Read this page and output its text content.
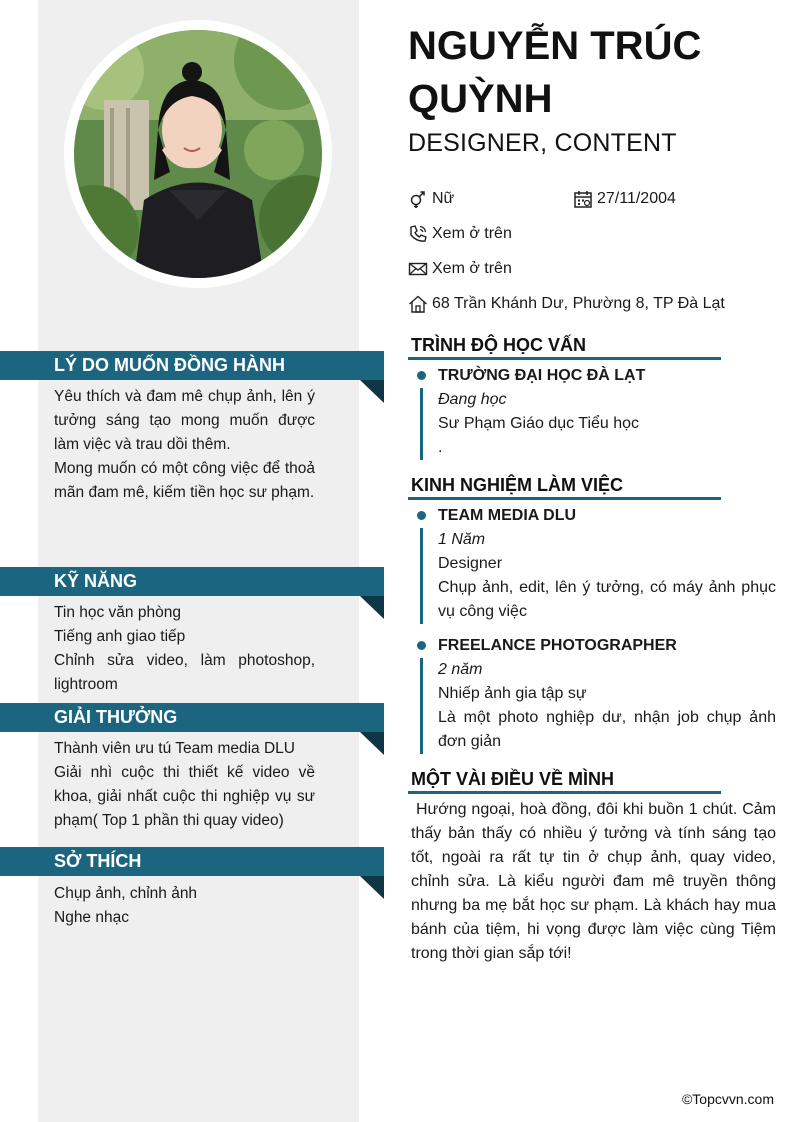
LÝ DO MUỐN ĐỒNG HÀNH
Yêu thích và đam mê chụp ảnh, lên ý tưởng sáng tạo mong muốn được làm việc và trau dồi thêm.
Mong muốn có một công việc để thoả mãn đam mê, kiếm tiền học sư phạm.
KỸ NĂNG
Tin học văn phòng
Tiếng anh giao tiếp
Chỉnh sửa video, làm photoshop, lightroom
GIẢI THƯỞNG
Thành viên ưu tú Team media DLU
Giải nhì cuộc thi thiết kế video về khoa, giải nhất cuộc thi nghiệp vụ sư phạm( Top 1 phần thi quay video)
SỞ THÍCH
Chụp ảnh, chỉnh ảnh
Nghe nhạc
NGUYỄN TRÚC QUỲNH
DESIGNER, CONTENT
Nữ	27/11/2004
Xem ở trên
Xem ở trên
68 Trần Khánh Dư, Phường 8, TP Đà Lạt
TRÌNH ĐỘ HỌC VẤN
TRƯỜNG ĐẠI HỌC ĐÀ LẠT
Đang học
Sư Phạm Giáo dục Tiểu học
.
KINH NGHIỆM LÀM VIỆC
TEAM MEDIA DLU
1 Năm
Designer
Chụp ảnh, edit, lên ý tưởng, có máy ảnh phục vụ công việc
FREELANCE PHOTOGRAPHER
2 năm
Nhiếp ảnh gia tập sự
Là một photo nghiệp dư, nhận job chụp ảnh đơn giản
MỘT VÀI ĐIỀU VỀ MÌNH
Hướng ngoại, hoà đồng, đôi khi buồn 1 chút. Cảm thấy bản thấy có nhiều ý tưởng và tính sáng tạo tốt, ngoài ra rất tự tin ở chụp ảnh, quay video, chỉnh sửa. Là kiểu người đam mê truyền thông nhưng ba mẹ bắt học sư phạm. Là khách hay mua bánh của tiệm, hi vọng được làm việc cùng Tiệm trong thời gian sắp tới!
©Topcvvn.com
